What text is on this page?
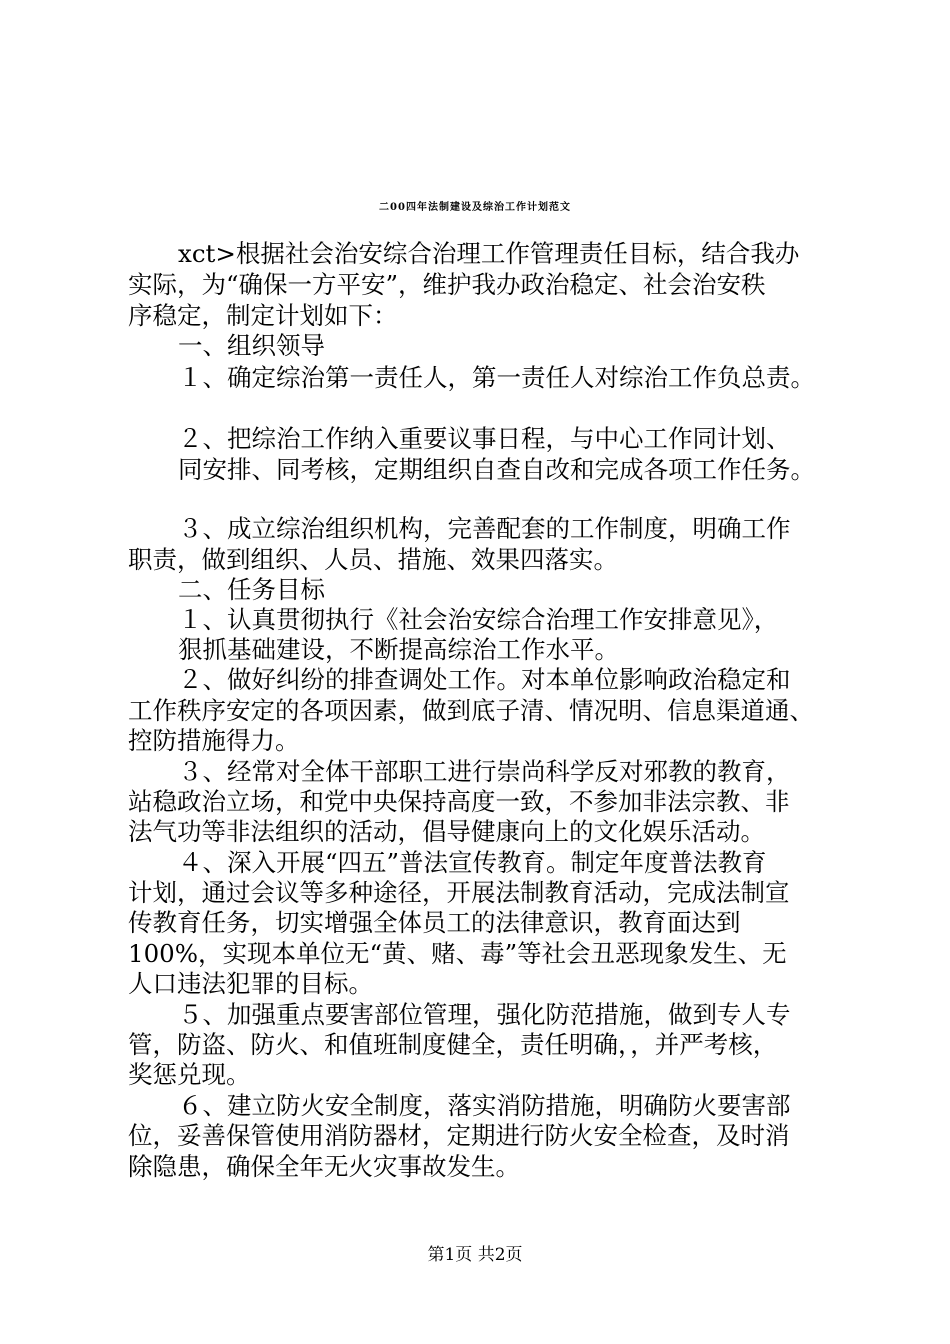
二00四年法制建设及综治工作计划范文
xct>根据社会治安综合治理工作管理责任目标，结合我办
实际，为“确保一方平安”，维护我办政治稳定、社会治安秩
序稳定，制定计划如下：
一、组织领导
１、确定综治第一责任人，第一责任人对综治工作负总责。
２、把综治工作纳入重要议事日程，与中心工作同计划、
同安排、同考核，定期组织自查自改和完成各项工作任务。
３、成立综治组织机构，完善配套的工作制度，明确工作
职责，做到组织、人员、措施、效果四落实。
二、任务目标
１、认真贯彻执行《社会治安综合治理工作安排意见》，
狠抓基础建设，不断提高综治工作水平。
２、做好纠纷的排查调处工作。对本单位影响政治稳定和
工作秩序安定的各项因素，做到底子清、情况明、信息渠道通、
控防措施得力。
３、经常对全体干部职工进行崇尚科学反对邪教的教育，
站稳政治立场，和党中央保持高度一致，不参加非法宗教、非
法气功等非法组织的活动，倡导健康向上的文化娱乐活动。
４、深入开展“四五”普法宣传教育。制定年度普法教育
计划，通过会议等多种途径，开展法制教育活动，完成法制宣
传教育任务，切实增强全体员工的法律意识，教育面达到
100%，实现本单位无“黄、赌、毒”等社会丑恶现象发生、无
人口违法犯罪的目标。
５、加强重点要害部位管理，强化防范措施，做到专人专
管，防盗、防火、和值班制度健全，责任明确，，并严考核，
奖惩兑现。
６、建立防火安全制度，落实消防措施，明确防火要害部
位，妥善保管使用消防器材，定期进行防火安全检查，及时消
除隐患，确保全年无火灾事故发生。
第1页 共2页
